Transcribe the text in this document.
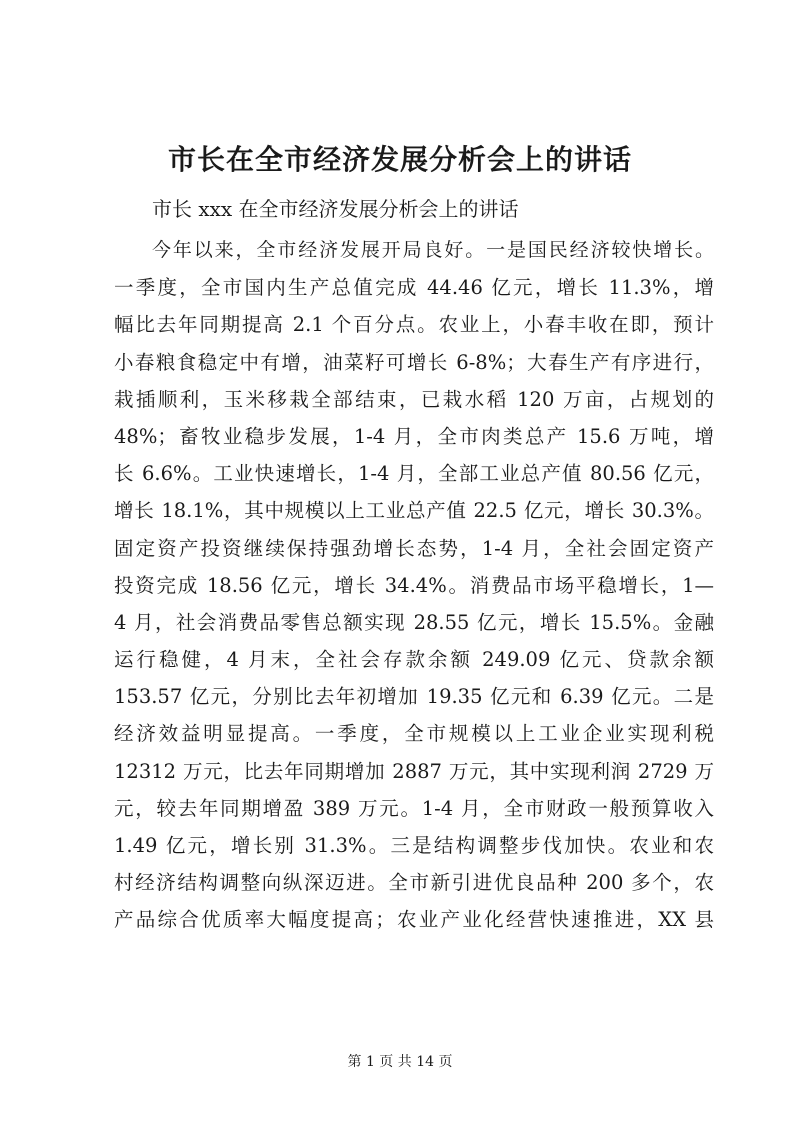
市长在全市经济发展分析会上的讲话

市长 xxx 在全市经济发展分析会上的讲话

今年以来，全市经济发展开局良好。一是国民经济较快增长。
一季度，全市国内生产总值完成 44.46 亿元，增长 11.3%，增
幅比去年同期提高 2.1 个百分点。农业上，小春丰收在即，预计
小春粮食稳定中有增，油菜籽可增长 6-8%；大春生产有序进行，
栽插顺利，玉米移栽全部结束，已栽水稻 120 万亩，占规划的
48%；畜牧业稳步发展，1-4 月，全市肉类总产 15.6 万吨，增
长 6.6%。工业快速增长，1-4 月，全部工业总产值 80.56 亿元，
增长 18.1%，其中规模以上工业总产值 22.5 亿元，增长 30.3%。
固定资产投资继续保持强劲增长态势，1-4 月，全社会固定资产
投资完成 18.56 亿元，增长 34.4%。消费品市场平稳增长，1—
4 月，社会消费品零售总额实现 28.55 亿元，增长 15.5%。金融
运行稳健，4 月末，全社会存款余额 249.09 亿元、贷款余额
153.57 亿元，分别比去年初增加 19.35 亿元和 6.39 亿元。二是
经济效益明显提高。一季度，全市规模以上工业企业实现利税
12312 万元，比去年同期增加 2887 万元，其中实现利润 2729 万
元，较去年同期增盈 389 万元。1-4 月，全市财政一般预算收入
1.49 亿元，增长别 31.3%。三是结构调整步伐加快。农业和农
村经济结构调整向纵深迈进。全市新引进优良品种 200 多个，农
产品综合优质率大幅度提高；农业产业化经营快速推进，XX 县

第 1 页 共 14 页
